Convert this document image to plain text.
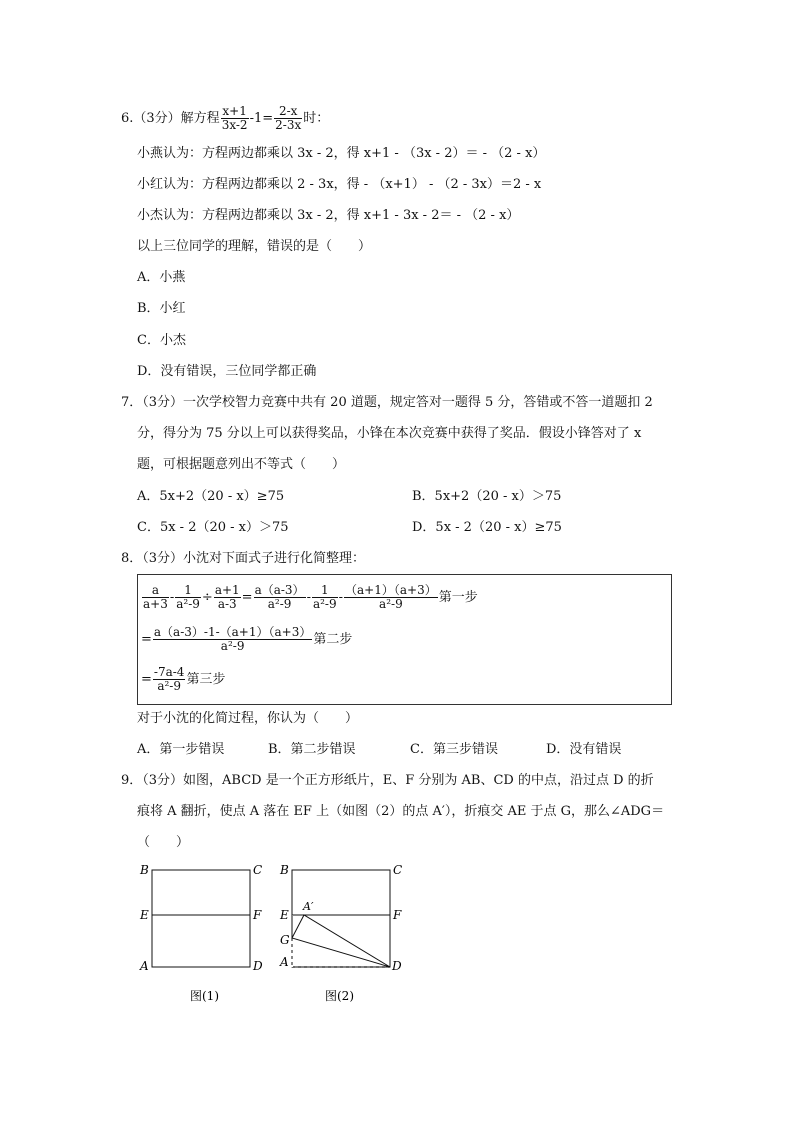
6.（3分）解方程 $\frac{x+1}{3x-2} -1= \frac{2-x}{2-3x}$ 时：
小燕认为：方程两边都乘以 3x - 2，得 x+1 - （3x - 2）＝ - （2 - x）
小红认为：方程两边都乘以 2 - 3x，得 - （x+1） - （2 - 3x）＝2 - x
小杰认为：方程两边都乘以 3x - 2，得 x+1 - 3x - 2＝ - （2 - x）
以上三位同学的理解，错误的是（　　）
A．小燕
B．小红
C．小杰
D．没有错误，三位同学都正确
7．（3分）一次学校智力竞赛中共有 20 道题，规定答对一题得 5 分，答错或不答一道题扣 2
分，得分为 75 分以上可以获得奖品，小锋在本次竞赛中获得了奖品．假设小锋答对了 x
题，可根据题意列出不等式（　　）
A．5x+2（20 - x）≥75	B．5x+2（20 - x）＞75
C．5x - 2（20 - x）＞75	D．5x - 2（20 - x）≥75
8．（3分）小沈对下面式子进行化简整理：
$\frac{a}{a+3} - \frac{1}{\text{a²-9}} \div \frac{a+1}{a-3} = \frac{a(a-3)}{\text{a²-9}} - \frac{1}{\text{a²-9}} - \frac{(a+1)(a+3)}{\text{a²-9}}$ 第一步
= $\frac{a(a-3)-1-(a+1)(a+3)}{\text{a²-9}}$ 第二步
= $\frac{-7a-4}{\text{a²-9}}$ 第三步
对于小沈的化简过程，你认为（　　）
A．第一步错误	B．第二步错误	C．第三步错误	D．没有错误
9．（3分）如图，ABCD 是一个正方形纸片，E、F 分别为 AB、CD 的中点，沿过点 D 的折
痕将 A 翻折，使点 A 落在 EF 上（如图（2）的点 A′），折痕交 AE 于点 G，那么∠ADG＝
（　　）
B	C
E	F
A	D
图(1)
B	C
E
A′
F
G
A	D
图(2)
